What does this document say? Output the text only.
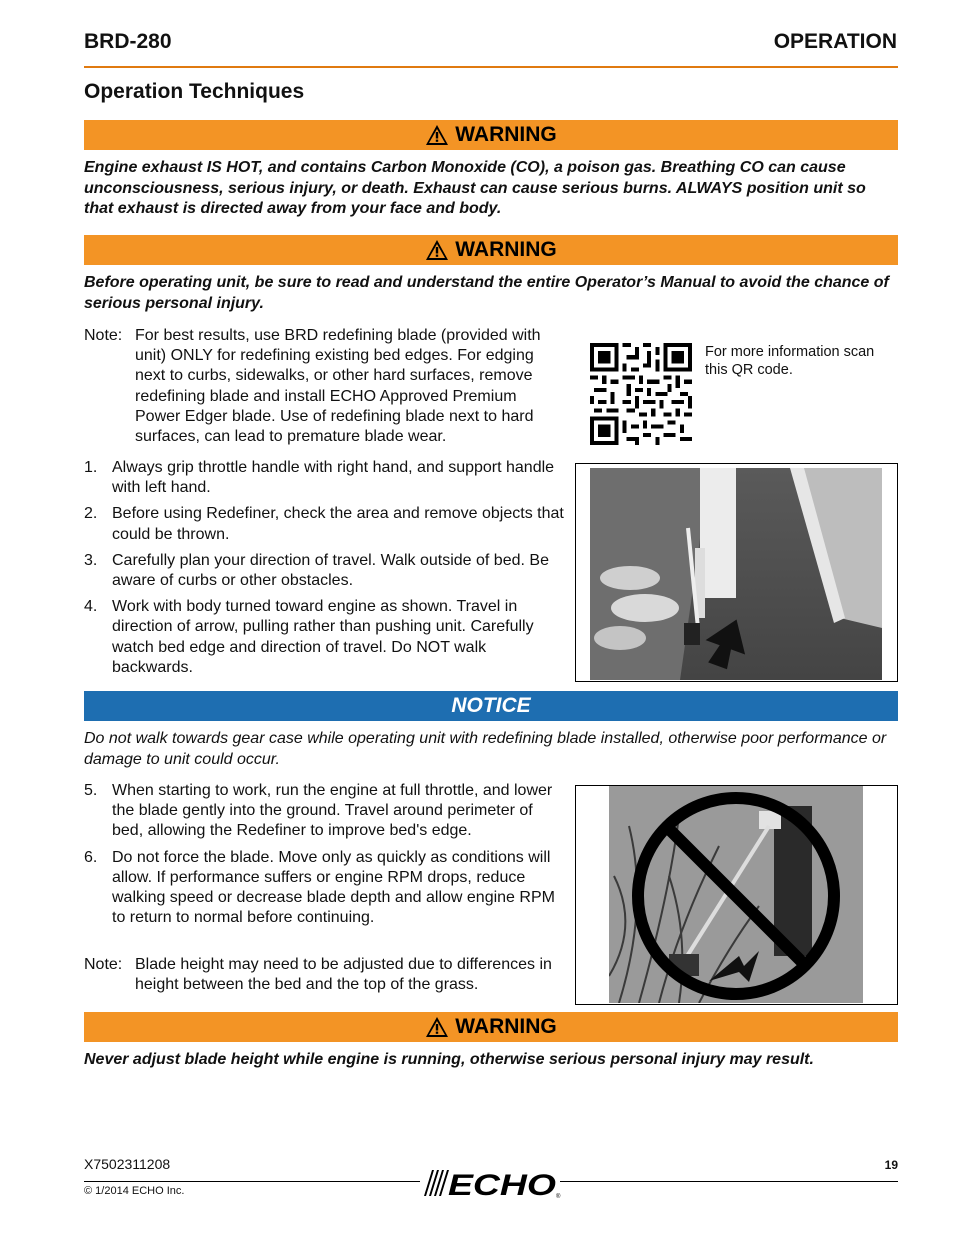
BRD-280	OPERATION
Operation Techniques
WARNING
Engine exhaust IS HOT, and contains Carbon Monoxide (CO), a poison gas. Breathing CO can cause unconsciousness, serious injury, or death. Exhaust can cause serious burns. ALWAYS position unit so that exhaust is directed away from your face and body.
WARNING
Before operating unit, be sure to read and understand the entire Operator’s Manual to avoid the chance of serious personal injury.
Note: For best results, use BRD redefining blade (provided with unit) ONLY for redefining existing bed edges. For edging next to curbs, sidewalks, or other hard surfaces, remove redefining blade and install ECHO Approved Premium Power Edger blade. Use of redefining blade next to hard surfaces, can lead to premature blade wear.
For more information scan this QR code.
1. Always grip throttle handle with right hand, and support handle with left hand.
2. Before using Redefiner, check the area and remove objects that could be thrown.
3. Carefully plan your direction of travel. Walk outside of bed. Be aware of curbs or other obstacles.
4. Work with body turned toward engine as shown. Travel in direction of arrow, pulling rather than pushing unit. Carefully watch bed edge and direction of travel. Do NOT walk backwards.
NOTICE
Do not walk towards gear case while operating unit with redefining blade installed, otherwise poor performance or damage to unit could occur.
5. When starting to work, run the engine at full throttle, and lower the blade gently into the ground. Travel around perimeter of bed, allowing the Redefiner to improve bed's edge.
6. Do not force the blade. Move only as quickly as conditions will allow. If performance suffers or engine RPM drops, reduce walking speed or decrease blade depth and allow engine RPM to return to normal before continuing.
Note: Blade height may need to be adjusted due to differences in height between the bed and the top of the grass.
WARNING
Never adjust blade height while engine is running, otherwise serious personal injury may result.
X7502311208
© 1/2014 ECHO Inc.
19
ECHO ®
